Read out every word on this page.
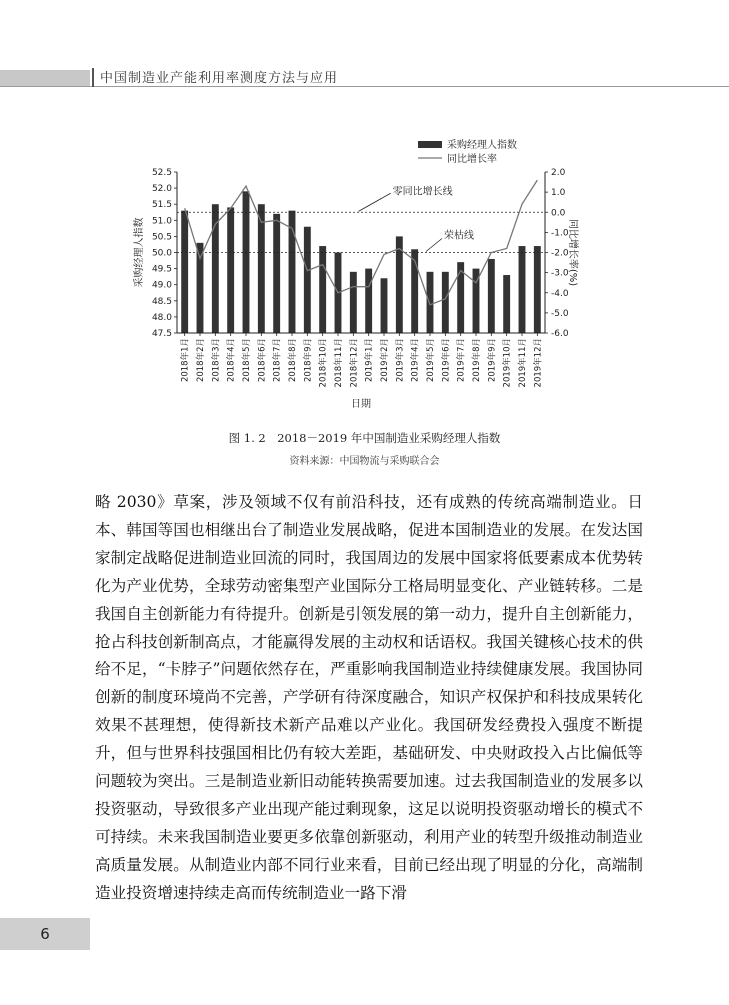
中国制造业产能利用率测度方法与应用
47.5
48.0
48.5
49.0
49.5
50.0
50.5
51.0
51.5
52.0
52.5
-6.0
-5.0
-4.0
-3.0
-2.0
-1.0
0.0
1.0
2.0
2018年1月 2018年2月 2018年3月 2018年4月 2018年5月 2018年6月 2018年7月 2018年8月 2018年9月 2018年10月 2018年11月 2018年12月 2019年1月 2019年2月 2019年3月 2019年4月 2019年5月 2019年6月 2019年7月 2019年8月 2019年9月 2019年10月 2019年11月 2019年12月
日期
采购经理人指数	同比增长率(%)
采购经理人指数
同比增长率
零同比增长线
荣枯线
图 1. 2　2018－2019 年中国制造业采购经理人指数
资料来源：中国物流与采购联合会

略 2030》草案，涉及领域不仅有前沿科技，还有成熟的传统高端制造业。日本、韩国等国也相继出台了制造业发展战略，促进本国制造业的发展。在发达国家制定战略促进制造业回流的同时，我国周边的发展中国家将低要素成本优势转化为产业优势，全球劳动密集型产业国际分工格局明显变化、产业链转移。二是我国自主创新能力有待提升。创新是引领发展的第一动力，提升自主创新能力，抢占科技创新制高点，才能赢得发展的主动权和话语权。我国关键核心技术的供给不足，“卡脖子”问题依然存在，严重影响我国制造业持续健康发展。我国协同创新的制度环境尚不完善，产学研有待深度融合，知识产权保护和科技成果转化效果不甚理想，使得新技术新产品难以产业化。我国研发经费投入强度不断提升，但与世界科技强国相比仍有较大差距，基础研发、中央财政投入占比偏低等问题较为突出。三是制造业新旧动能转换需要加速。过去我国制造业的发展多以投资驱动，导致很多产业出现产能过剩现象，这足以说明投资驱动增长的模式不可持续。未来我国制造业要更多依靠创新驱动，利用产业的转型升级推动制造业高质量发展。从制造业内部不同行业来看，目前已经出现了明显的分化，高端制造业投资增速持续走高而传统制造业一路下滑

6
